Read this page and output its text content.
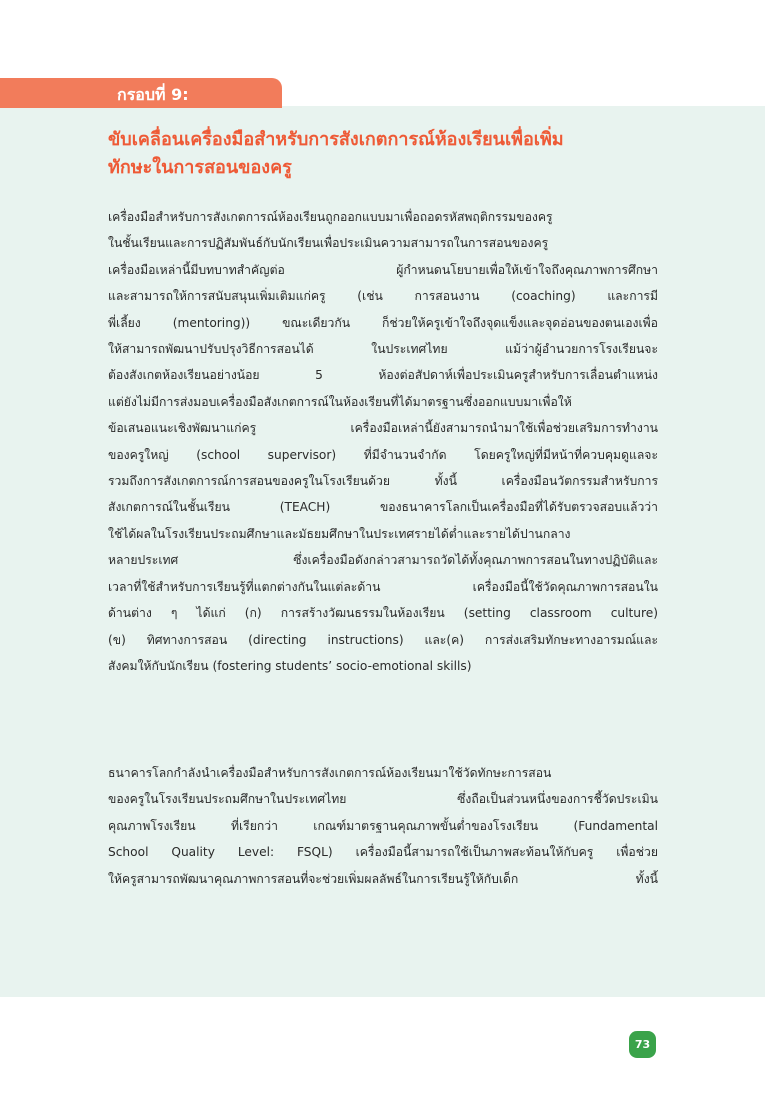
กรอบที่ 9:
ขับเคลื่อนเครื่องมือสำหรับการสังเกตการณ์ห้องเรียนเพื่อเพิ่ม
ทักษะในการสอนของครู
เครื่องมือสำหรับการสังเกตการณ์ห้องเรียนถูกออกแบบมาเพื่อถอดรหัสพฤติกรรมของครู
ในชั้นเรียนและการปฏิสัมพันธ์กับนักเรียนเพื่อประเมินความสามารถในการสอนของครู
เครื่องมือเหล่านี้มีบทบาทสำคัญต่อ ผู้กำหนดนโยบายเพื่อให้เข้าใจถึงคุณภาพการศึกษา
และสามารถให้การสนับสนุนเพิ่มเติมแก่ครู (เช่น การสอนงาน (coaching) และการมี
พี่เลี้ยง (mentoring)) ขณะเดียวกัน ก็ช่วยให้ครูเข้าใจถึงจุดแข็งและจุดอ่อนของตนเองเพื่อ
ให้สามารถพัฒนาปรับปรุงวิธีการสอนได้ ในประเทศไทย แม้ว่าผู้อำนวยการโรงเรียนจะ
ต้องสังเกตห้องเรียนอย่างน้อย 5 ห้องต่อสัปดาห์เพื่อประเมินครูสำหรับการเลื่อนตำแหน่ง
แต่ยังไม่มีการส่งมอบเครื่องมือสังเกตการณ์ในห้องเรียนที่ได้มาตรฐานซึ่งออกแบบมาเพื่อให้
ข้อเสนอแนะเชิงพัฒนาแก่ครู เครื่องมือเหล่านี้ยังสามารถนำมาใช้เพื่อช่วยเสริมการทำงาน
ของครูใหญ่ (school supervisor) ที่มีจำนวนจำกัด โดยครูใหญ่ที่มีหน้าที่ควบคุมดูแลจะ
รวมถึงการสังเกตการณ์การสอนของครูในโรงเรียนด้วย ทั้งนี้ เครื่องมือนวัตกรรมสำหรับการ
สังเกตการณ์ในชั้นเรียน (TEACH) ของธนาคารโลกเป็นเครื่องมือที่ได้รับตรวจสอบแล้วว่า
ใช้ได้ผลในโรงเรียนประถมศึกษาและมัธยมศึกษาในประเทศรายได้ต่ำและรายได้ปานกลาง
หลายประเทศ ซึ่งเครื่องมือดังกล่าวสามารถวัดได้ทั้งคุณภาพการสอนในทางปฏิบัติและ
เวลาที่ใช้สำหรับการเรียนรู้ที่แตกต่างกันในแต่ละด้าน เครื่องมือนี้ใช้วัดคุณภาพการสอนใน
ด้านต่าง ๆ ได้แก่ (ก) การสร้างวัฒนธรรมในห้องเรียน (setting classroom culture)
(ข) ทิศทางการสอน (directing instructions) และ(ค) การส่งเสริมทักษะทางอารมณ์และ
สังคมให้กับนักเรียน (fostering students’ socio-emotional skills)
ธนาคารโลกกำลังนำเครื่องมือสำหรับการสังเกตการณ์ห้องเรียนมาใช้วัดทักษะการสอน
ของครูในโรงเรียนประถมศึกษาในประเทศไทย ซึ่งถือเป็นส่วนหนึ่งของการชี้วัดประเมิน
คุณภาพโรงเรียน ที่เรียกว่า เกณฑ์มาตรฐานคุณภาพขั้นต่ำของโรงเรียน (Fundamental
School Quality Level: FSQL) เครื่องมือนี้สามารถใช้เป็นภาพสะท้อนให้กับครู เพื่อช่วย
ให้ครูสามารถพัฒนาคุณภาพการสอนที่จะช่วยเพิ่มผลลัพธ์ในการเรียนรู้ให้กับเด็ก ทั้งนี้
73
